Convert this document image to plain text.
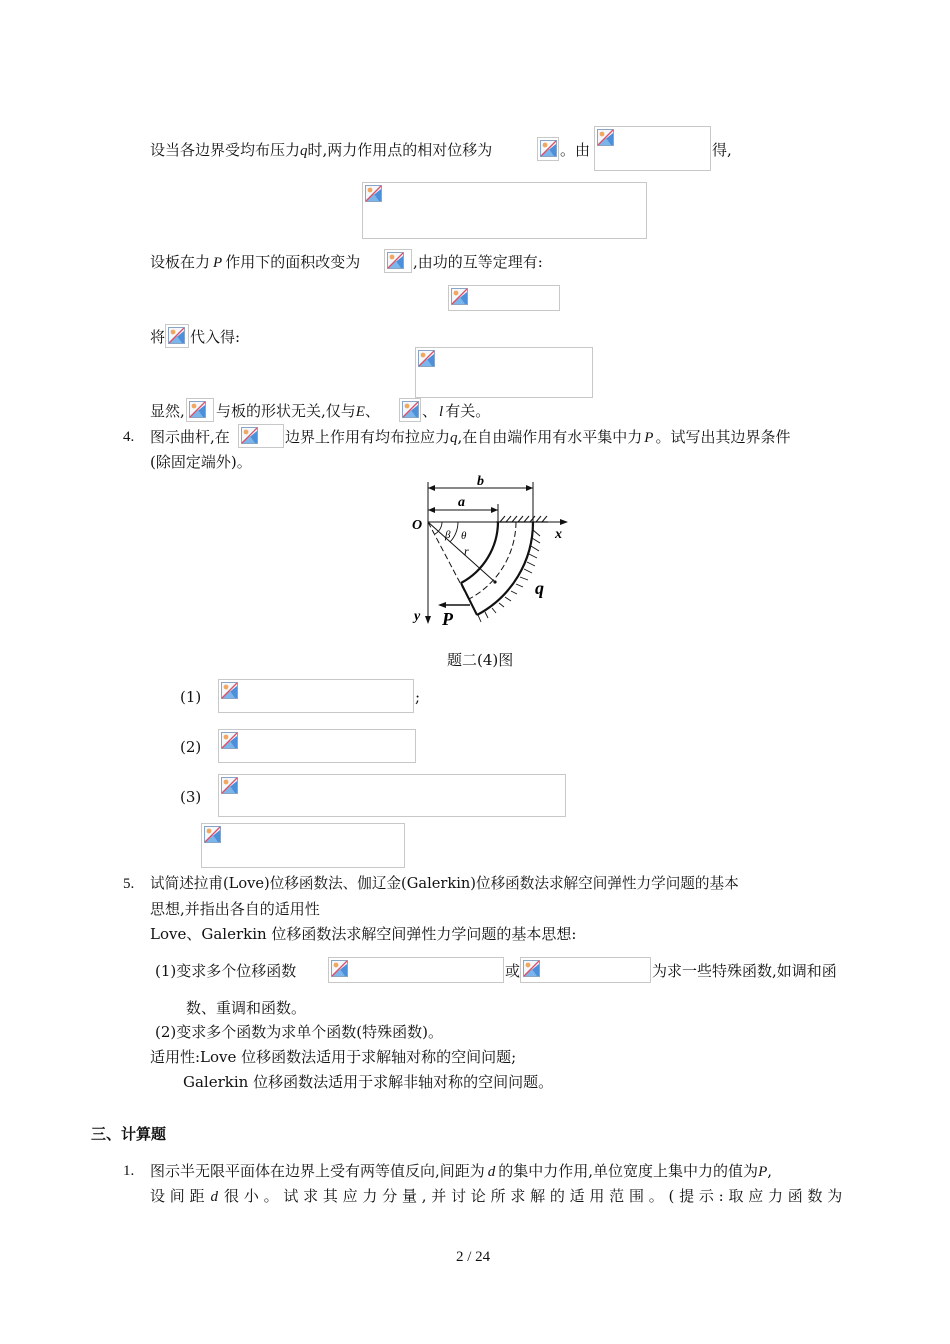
设当各边界受均布压力q时,两力作用点的相对位移为	。由	得,
设板在力 P 作用下的面积改变为	,由功的互等定理有:
将 代入得:
显然, 与板的形状无关,仅与E、	、 l 有关。
4. 图示曲杆,在	边界上作用有均布拉应力q,在自由端作用有水平集中力 P 。试写出其边界条件
(除固定端外)。
b
a
O
x
y
β θ
r
q
P
题二(4)图
(1)	;
(2)
(3)
5. 试简述拉甫(Love)位移函数法、伽辽金(Galerkin)位移函数法求解空间弹性力学问题的基本
思想,并指出各自的适用性
Love、Galerkin 位移函数法求解空间弹性力学问题的基本思想:
(1)变求多个位移函数	或	为求一些特殊函数,如调和函
数、重调和函数。
(2)变求多个函数为求单个函数(特殊函数)。
适用性:Love 位移函数法适用于求解轴对称的空间问题;
Galerkin 位移函数法适用于求解非轴对称的空间问题。
三、计算题
1. 图示半无限平面体在边界上受有两等值反向,间距为 d 的集中力作用,单位宽度上集中力的值为P,
设 间 距 d 很 小 。 试 求 其 应 力 分 量 , 并 讨 论 所 求 解 的 适 用 范 围 。 ( 提 示 : 取 应 力 函 数 为
2 / 24
